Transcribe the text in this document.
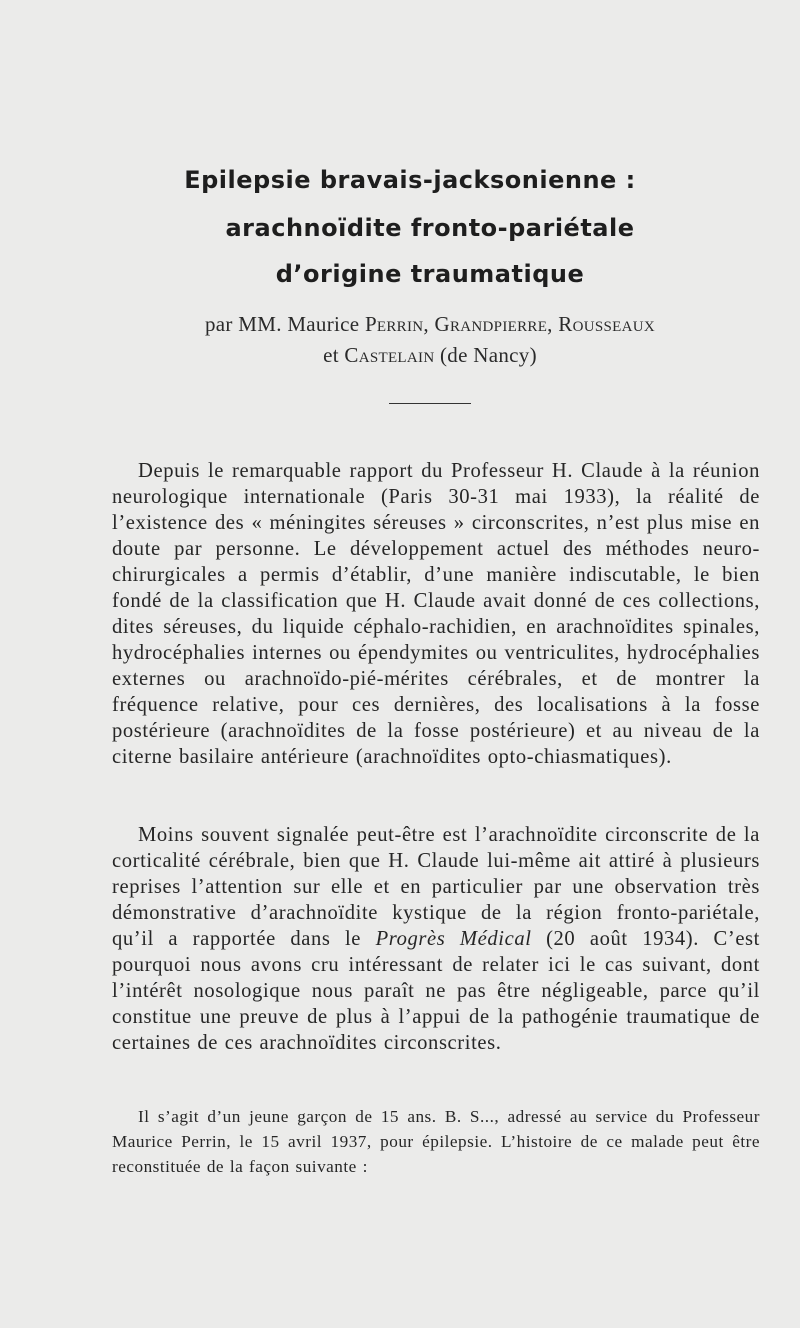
Epilepsie bravais-jacksonienne :
arachnoïdite fronto-pariétale
d’origine traumatique
par MM. Maurice Perrin, Grandpierre, Rousseaux
et Castelain (de Nancy)

Depuis le remarquable rapport du Professeur H. Claude à la réunion neurologique internationale (Paris 30-31 mai 1933), la réalité de l’existence des « méningites séreuses » circonscrites, n’est plus mise en doute par personne. Le développement actuel des méthodes neuro-chirurgicales a permis d’établir, d’une manière indiscutable, le bien fondé de la classification que H. Claude avait donné de ces collections, dites séreuses, du liquide céphalo-rachidien, en arachnoïdites spinales, hydrocéphalies internes ou épendymites ou ventriculites, hydrocéphalies externes ou arachnoïdo-pié-mérites cérébrales, et de montrer la fréquence relative, pour ces dernières, des localisations à la fosse postérieure (arachnoïdites de la fosse postérieure) et au niveau de la citerne basilaire antérieure (arachnoïdites opto-chiasmatiques).

Moins souvent signalée peut-être est l’arachnoïdite circonscrite de la corticalité cérébrale, bien que H. Claude lui-même ait attiré à plusieurs reprises l’attention sur elle et en particulier par une observation très démonstrative d’arachnoïdite kystique de la région fronto-pariétale, qu’il a rapportée dans le Progrès Médical (20 août 1934). C’est pourquoi nous avons cru intéressant de relater ici le cas suivant, dont l’intérêt nosologique nous paraît ne pas être négligeable, parce qu’il constitue une preuve de plus à l’appui de la pathogénie traumatique de certaines de ces arachnoïdites circonscrites.

Il s’agit d’un jeune garçon de 15 ans. B. S..., adressé au service du Professeur Maurice Perrin, le 15 avril 1937, pour épilepsie. L’histoire de ce malade peut être reconstituée de la façon suivante :
